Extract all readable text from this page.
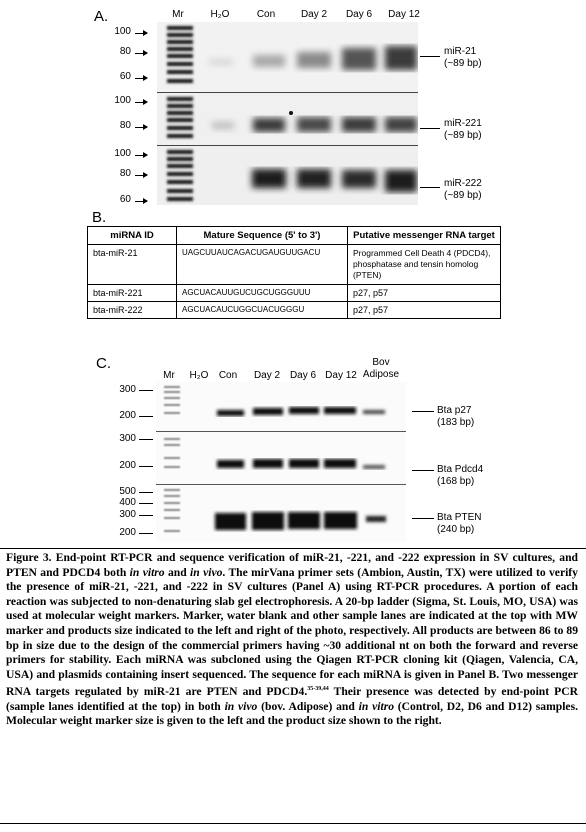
A.	Mr	H₂O	Con	Day 2	Day 6	Day 12
100
80
60
100
80
100
80
60
miR-21
(~89 bp)
miR-221
(~89 bp)
miR-222
(~89 bp)
B.
miRNA ID	Mature Sequence (5' to 3')	Putative messenger RNA target
bta-miR-21	UAGCUUAUCAGACUGAUGUUGACU	Programmed Cell Death 4 (PDCD4), phosphatase and tensin homolog (PTEN)
bta-miR-221	AGCUACAUUGUCUGCUGGGUUU	p27, p57
bta-miR-222	AGCUACAUCUGGCUACUGGGU	p27, p57
C.
Mr	H₂O	Con	Day 2 Day 6 Day 12
Bov Adipose
300
200
300
200
500
400
300
200
Bta p27
(183 bp)
Bta Pdcd4
(168 bp)
Bta PTEN
(240 bp)
Figure 3. End-point RT-PCR and sequence verification of miR-21, -221, and -222 expression in SV cultures, and PTEN and PDCD4 both in vitro and in vivo. The mirVana primer sets (Ambion, Austin, TX) were utilized to verify the presence of miR-21, -221, and -222 in SV cultures (Panel A) using RT-PCR procedures. A portion of each reaction was subjected to non-denaturing slab gel electrophoresis. A 20-bp ladder (Sigma, St. Louis, MO, USA) was used at molecular weight markers. Marker, water blank and other sample lanes are indicated at the top with MW marker and products size indicated to the left and right of the photo, respectively. All products are between 86 to 89 bp in size due to the design of the commercial primers having ~30 additional nt on both the forward and reverse primers for stability. Each miRNA was subcloned using the Qiagen RT-PCR cloning kit (Qiagen, Valencia, CA, USA) and plasmids containing insert sequenced. The sequence for each miRNA is given in Panel B. Two messenger RNA targets regulated by miR-21 are PTEN and PDCD4.$^{35-39,44}$ Their presence was detected by end-point PCR (sample lanes identified at the top) in both in vivo (bov. Adipose) and in vitro (Control, D2, D6 and D12) samples. Molecular weight marker size is given to the left and the product size shown to the right.
